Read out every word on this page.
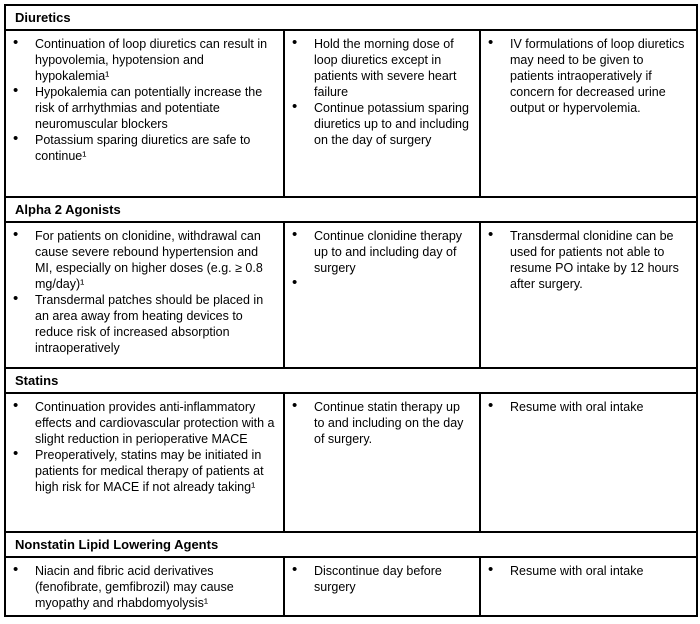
Diuretics		

• Continuation of loop diuretics can result in hypovolemia, hypotension and hypokalemia¹
• Hypokalemia can potentially increase the risk of arrhythmias and potentiate neuromuscular blockers
• Potassium sparing diuretics are safe to continue¹

• Hold the morning dose of loop diuretics except in patients with severe heart failure
• Continue potassium sparing diuretics up to and including on the day of surgery

• IV formulations of loop diuretics may need to be given to patients intraoperatively if concern for decreased urine output or hypervolemia.

Alpha 2 Agonists		

• For patients on clonidine, withdrawal can cause severe rebound hypertension and MI, especially on higher doses (e.g. ≥ 0.8 mg/day)¹
• Transdermal patches should be placed in an area away from heating devices to reduce risk of increased absorption intraoperatively

• Continue clonidine therapy up to and including day of surgery
•

• Transdermal clonidine can be used for patients not able to resume PO intake by 12 hours after surgery.

Statins		

• Continuation provides anti-inflammatory effects and cardiovascular protection with a slight reduction in perioperative MACE
• Preoperatively, statins may be initiated in patients for medical therapy of patients at high risk for MACE if not already taking¹

• Continue statin therapy up to and including on the day of surgery.

• Resume with oral intake

Nonstatin Lipid Lowering Agents		

• Niacin and fibric acid derivatives (fenofibrate, gemfibrozil) may cause myopathy and rhabdomyolysis¹

• Discontinue day before surgery

• Resume with oral intake
